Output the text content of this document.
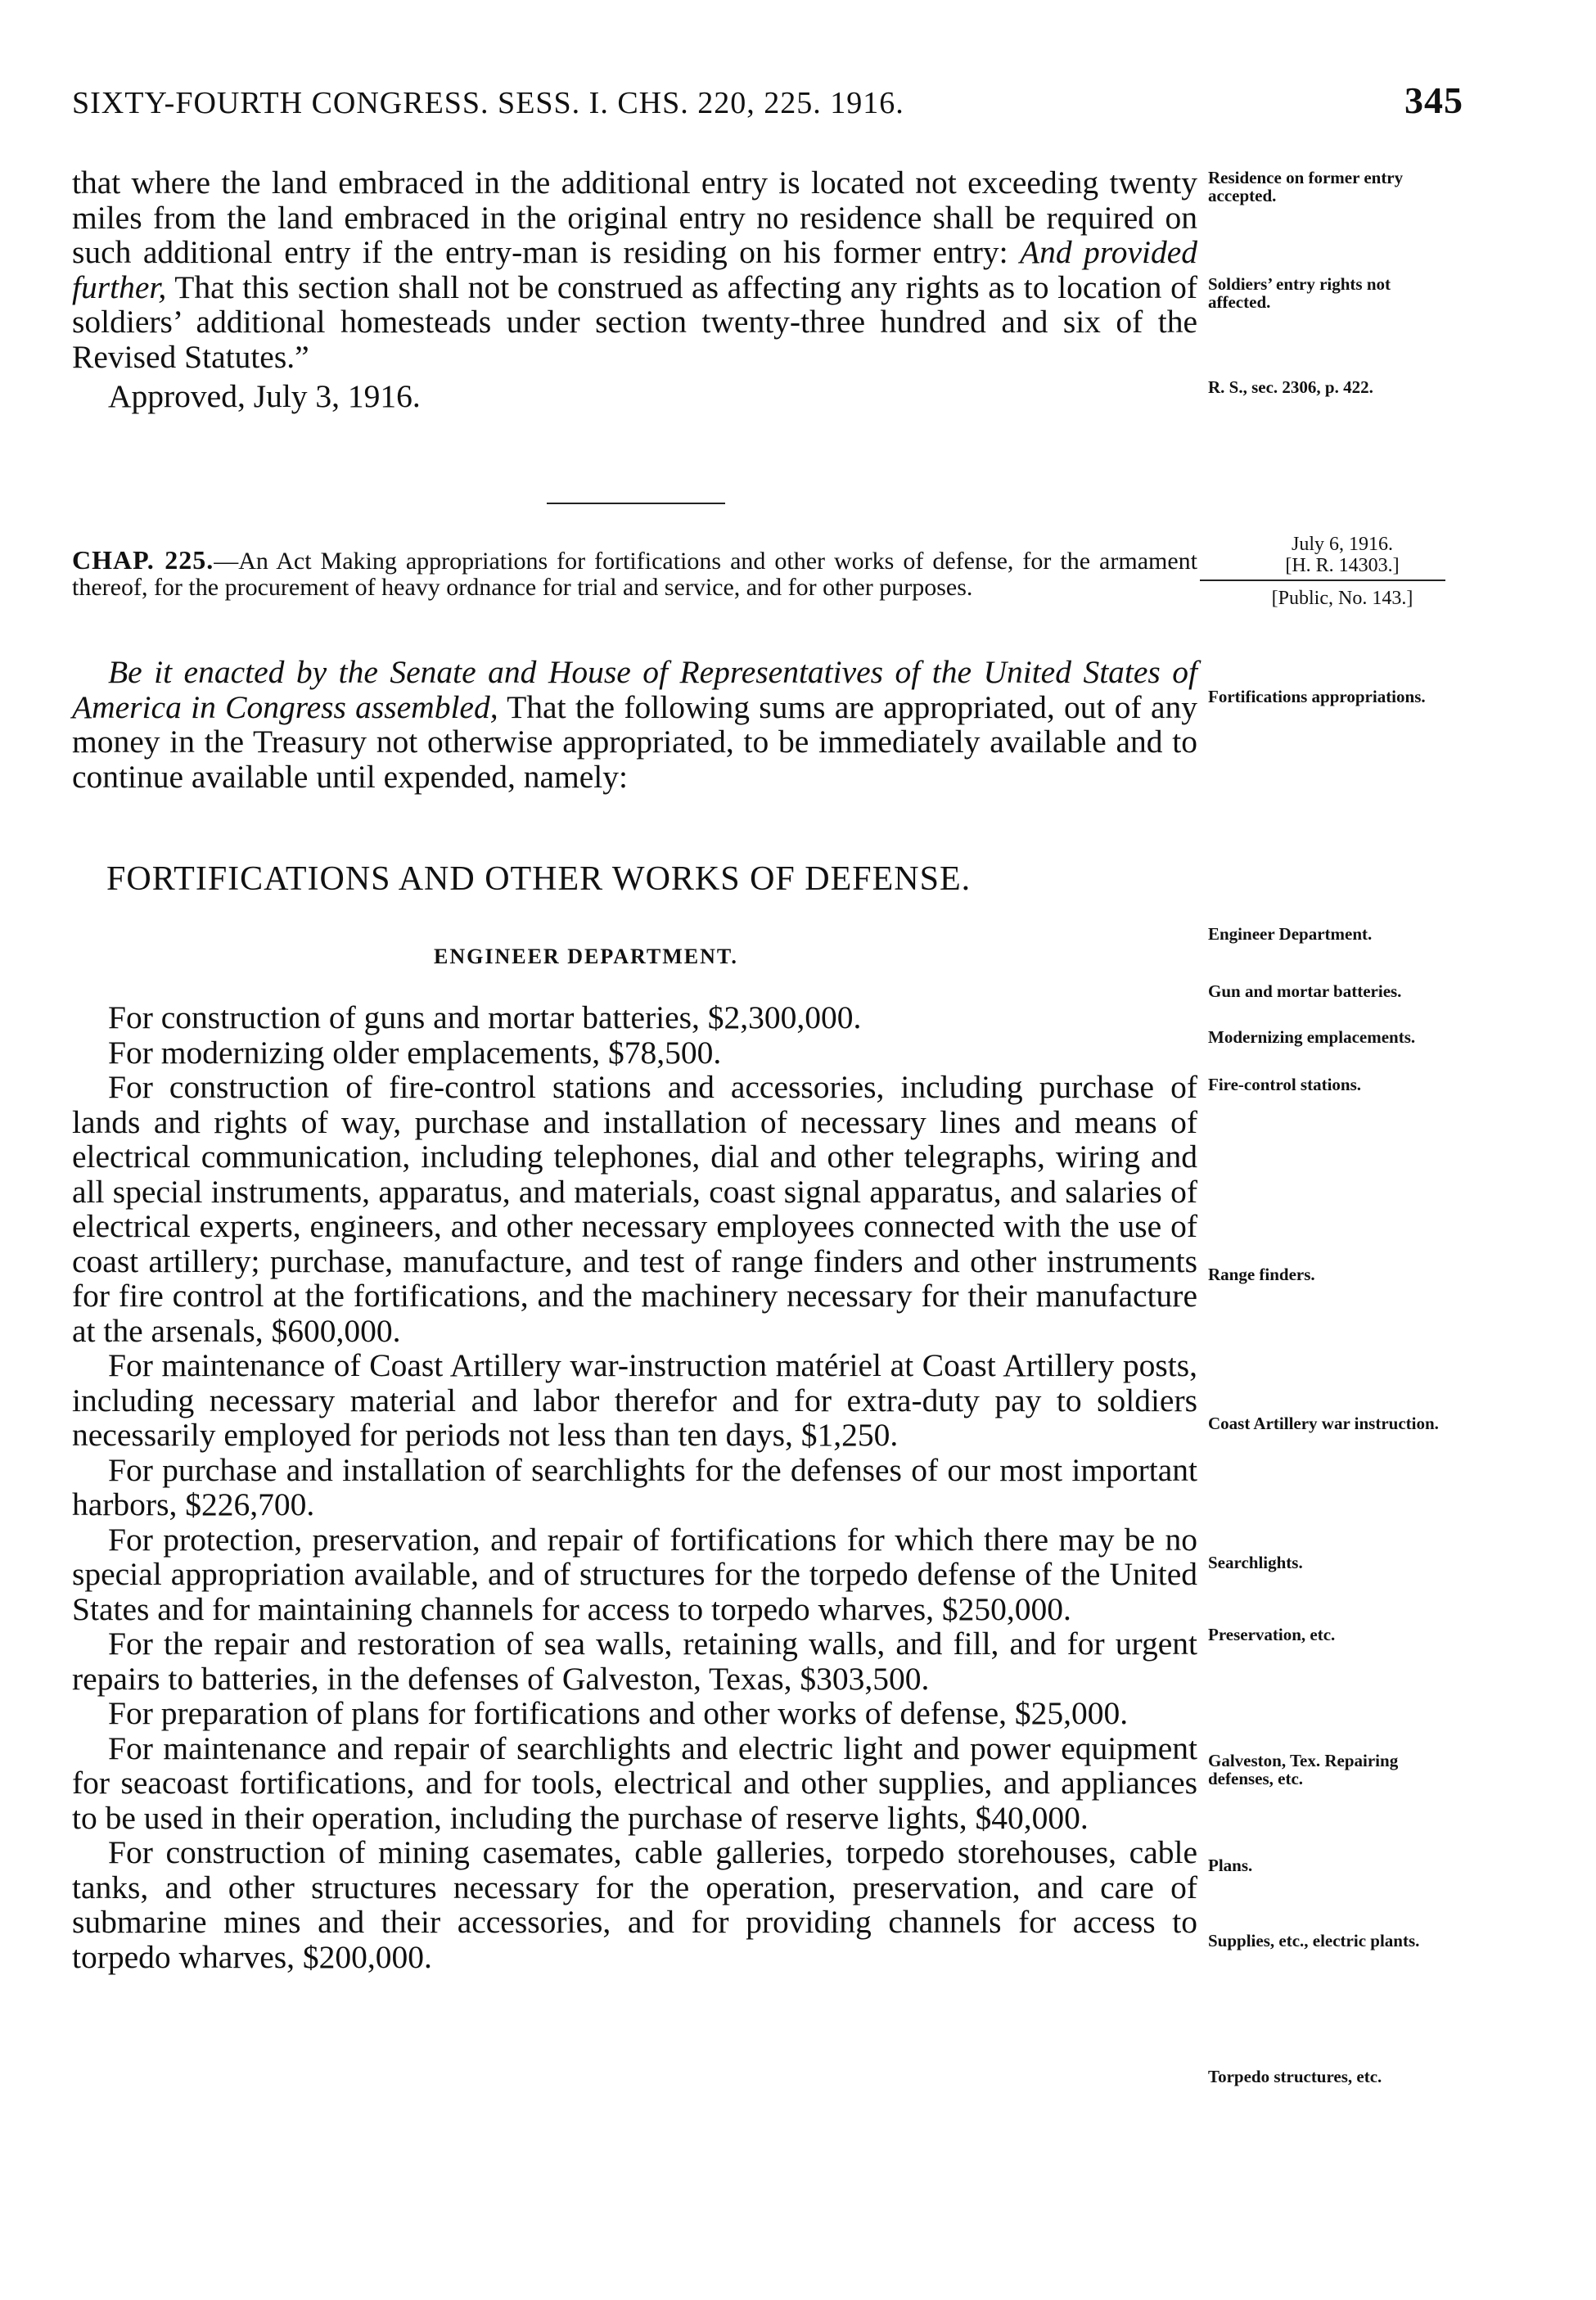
SIXTY-FOURTH CONGRESS. SESS. I. CHS. 220, 225. 1916.	345

that where the land embraced in the additional entry is located not exceeding twenty miles from the land embraced in the original entry no residence shall be required on such additional entry if the entry-man is residing on his former entry: And provided further, That this section shall not be construed as affecting any rights as to location of soldiers’ additional homesteads under section twenty-three hundred and six of the Revised Statutes.”

Approved, July 3, 1916.

Residence on former entry accepted.
Soldiers’ entry rights not affected.
R. S., sec. 2306, p. 422.
CHAP. 225.—An Act Making appropriations for fortifications and other works of defense, for the armament thereof, for the procurement of heavy ordnance for trial and service, and for other purposes.
July 6, 1916.
[H. R. 14303.]
[Public, No. 143.]

Be it enacted by the Senate and House of Representatives of the United States of America in Congress assembled, That the following sums are appropriated, out of any money in the Treasury not otherwise appropriated, to be immediately available and to continue available until expended, namely:

Fortifications appropriations.
FORTIFICATIONS AND OTHER WORKS OF DEFENSE.
ENGINEER DEPARTMENT.
Engineer Department.

For construction of guns and mortar batteries, $2,300,000.

For modernizing older emplacements, $78,500.

For construction of fire-control stations and accessories, including purchase of lands and rights of way, purchase and installation of necessary lines and means of electrical communication, including telephones, dial and other telegraphs, wiring and all special instruments, apparatus, and materials, coast signal apparatus, and salaries of electrical experts, engineers, and other necessary employees connected with the use of coast artillery; purchase, manufacture, and test of range finders and other instruments for fire control at the fortifications, and the machinery necessary for their manufacture at the arsenals, $600,000.

For maintenance of Coast Artillery war-instruction matériel at Coast Artillery posts, including necessary material and labor therefor and for extra-duty pay to soldiers necessarily employed for periods not less than ten days, $1,250.

For purchase and installation of searchlights for the defenses of our most important harbors, $226,700.

For protection, preservation, and repair of fortifications for which there may be no special appropriation available, and of structures for the torpedo defense of the United States and for maintaining channels for access to torpedo wharves, $250,000.

For the repair and restoration of sea walls, retaining walls, and fill, and for urgent repairs to batteries, in the defenses of Galveston, Texas, $303,500.

For preparation of plans for fortifications and other works of defense, $25,000.

For maintenance and repair of searchlights and electric light and power equipment for seacoast fortifications, and for tools, electrical and other supplies, and appliances to be used in their operation, including the purchase of reserve lights, $40,000.

For construction of mining casemates, cable galleries, torpedo storehouses, cable tanks, and other structures necessary for the operation, preservation, and care of submarine mines and their accessories, and for providing channels for access to torpedo wharves, $200,000.

Gun and mortar batteries.
Modernizing emplacements.
Fire-control stations.
Range finders.
Coast Artillery war instruction.
Searchlights.
Preservation, etc.
Galveston, Tex. Repairing defenses, etc.
Plans.
Supplies, etc., electric plants.
Torpedo structures, etc.
